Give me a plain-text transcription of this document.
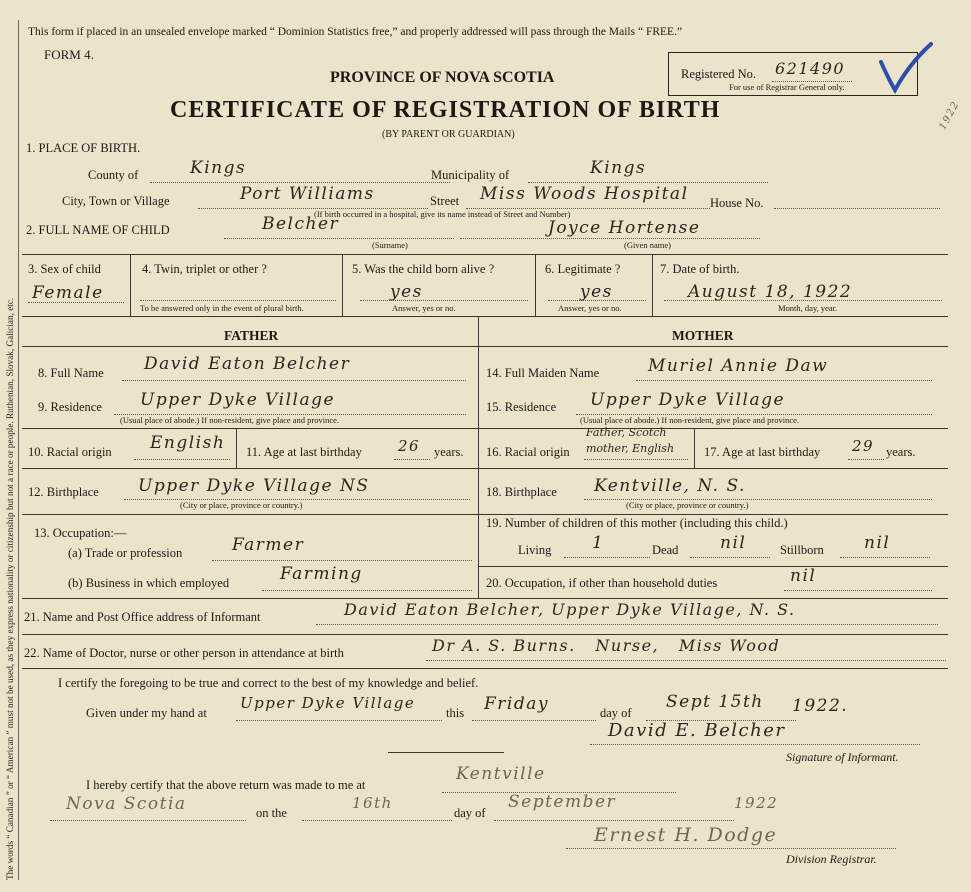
The words “ Canadian ” or “ American ” must not be used, as they express nationality or citizenship but not a race or people. Ruthenian, Slovak, Galician, etc.
This form if placed in an unsealed envelope marked “ Dominion Statistics free,” and properly addressed will pass through the Mails “ FREE.”
FORM 4.
PROVINCE OF NOVA SCOTIA
CERTIFICATE OF REGISTRATION OF BIRTH
(BY PARENT OR GUARDIAN)
Registered No. 621490
For use of Registrar General only.
1922
1. PLACE OF BIRTH.
County of	Kings	Municipality of	Kings
City, Town or Village	Port Williams	Street Miss Woods Hospital House No.
(If birth occurred in a hospital, give its name instead of Street and Number)
2. FULL NAME OF CHILD	Belcher
(Surname)
Joyce Hortense
(Given name)
3. Sex of child
Female
4. Twin, triplet or other ?
To be answered only in the event of plural birth.
5. Was the child born alive ?
yes
Answer, yes or no.
6. Legitimate ?
yes
Answer, yes or no.
7. Date of birth.
August 18, 1922
Month, day, year.
FATHER	MOTHER
8. Full Name David Eaton Belcher
9. Residence Upper Dyke Village
(Usual place of abode.) If non-resident, give place and province.
10. Racial origin English 11. Age at last birthday 26 years.
12. Birthplace Upper Dyke Village NS
(City or place, province or country.)
13. Occupation:—
(a) Trade or profession	Farmer
(b) Business in which employed	Farming
14. Full Maiden Name	Muriel Annie Daw
15. Residence Upper Dyke Village
(Usual place of abode.) If non-resident, give place and province.
16. Racial origin
Father, Scotch
mother, English 17. Age at last birthday 29 years.
18. Birthplace Kentville, N. S.
(City or place, province or country.)
19. Number of children of this mother (including this child.)
Living 1	Dead nil	Stillborn nil
20. Occupation, if other than household duties	nil
21. Name and Post Office address of Informant	David Eaton Belcher, Upper Dyke Village, N. S.
22. Name of Doctor, nurse or other person in attendance at birth	Dr A. S. Burns.   Nurse,   Miss Wood
I certify the foregoing to be true and correct to the best of my knowledge and belief.
Given under my hand at
Upper Dyke Village
this Friday	day of
Sept 15th 1922.
David E. Belcher
Signature of Informant.
I hereby certify that the above return was made to me at
Kentville
Nova Scotia	on the
16th
day of
September	1922
Ernest H. Dodge
Division Registrar.
